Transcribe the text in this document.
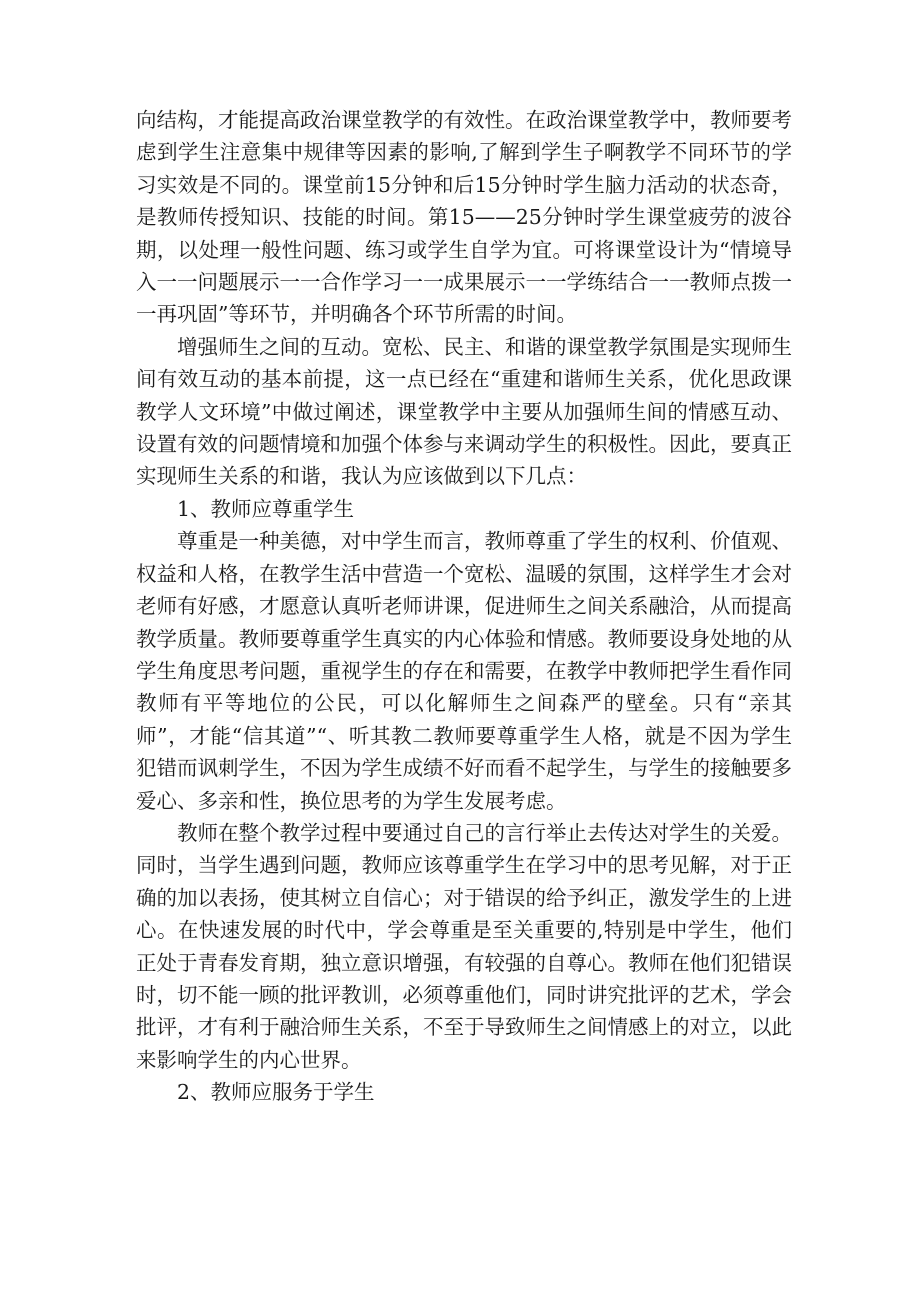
向结构，才能提高政治课堂教学的有效性。在政治课堂教学中，教师要考虑到学生注意集中规律等因素的影响,了解到学生子啊教学不同环节的学习实效是不同的。课堂前15分钟和后15分钟时学生脑力活动的状态奇，是教师传授知识、技能的时间。第15——25分钟时学生课堂疲劳的波谷期，以处理一般性问题、练习或学生自学为宜。可将课堂设计为“情境导入一一问题展示一一合作学习一一成果展示一一学练结合一一教师点拨一一再巩固”等环节，并明确各个环节所需的时间。

增强师生之间的互动。宽松、民主、和谐的课堂教学氛围是实现师生间有效互动的基本前提，这一点已经在“重建和谐师生关系，优化思政课教学人文环境”中做过阐述，课堂教学中主要从加强师生间的情感互动、设置有效的问题情境和加强个体参与来调动学生的积极性。因此，要真正实现师生关系的和谐，我认为应该做到以下几点：

1、教师应尊重学生

尊重是一种美德，对中学生而言，教师尊重了学生的权利、价值观、权益和人格，在教学生活中营造一个宽松、温暖的氛围，这样学生才会对老师有好感，才愿意认真听老师讲课，促进师生之间关系融洽，从而提高教学质量。教师要尊重学生真实的内心体验和情感。教师要设身处地的从学生角度思考问题，重视学生的存在和需要，在教学中教师把学生看作同教师有平等地位的公民，可以化解师生之间森严的壁垒。只有“亲其师”，才能“信其道”“、听其教二教师要尊重学生人格，就是不因为学生犯错而讽刺学生，不因为学生成绩不好而看不起学生，与学生的接触要多爱心、多亲和性，换位思考的为学生发展考虑。

教师在整个教学过程中要通过自己的言行举止去传达对学生的关爱。同时，当学生遇到问题，教师应该尊重学生在学习中的思考见解，对于正确的加以表扬，使其树立自信心；对于错误的给予纠正，激发学生的上进心。在快速发展的时代中，学会尊重是至关重要的,特别是中学生，他们正处于青春发育期，独立意识增强，有较强的自尊心。教师在他们犯错误时，切不能一顾的批评教训，必须尊重他们，同时讲究批评的艺术，学会批评，才有利于融洽师生关系，不至于导致师生之间情感上的对立，以此来影响学生的内心世界。

2、教师应服务于学生
